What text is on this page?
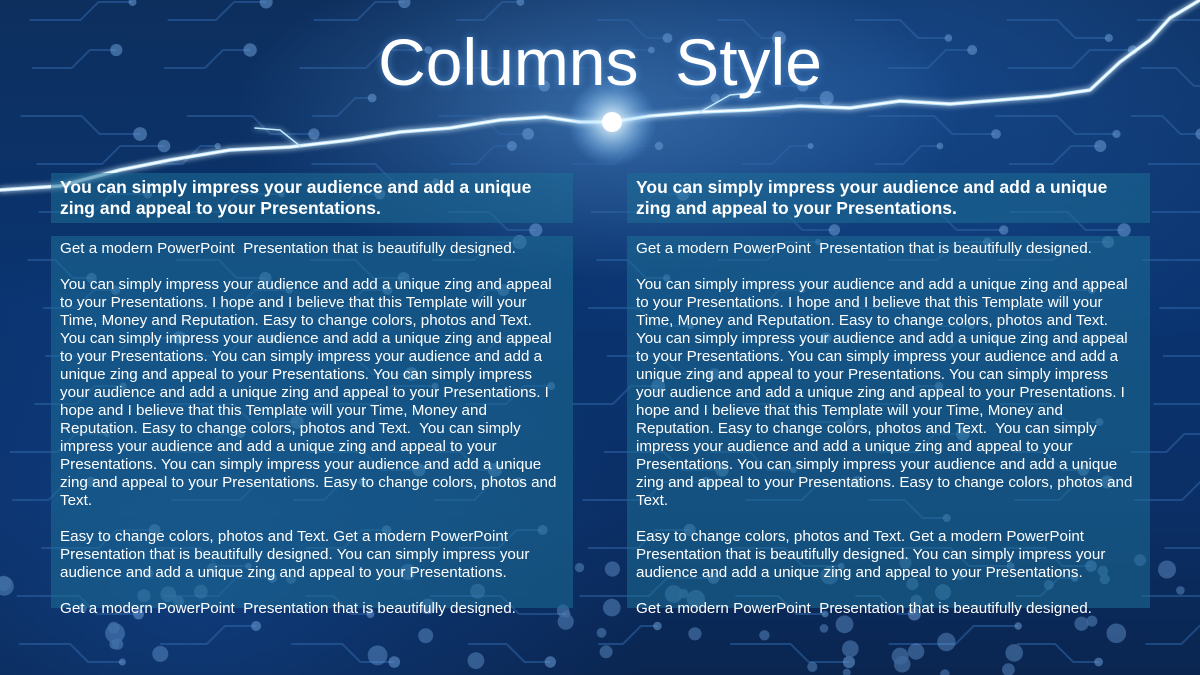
Columns  Style
You can simply impress your audience and add a unique zing and appeal to your Presentations.

Get a modern PowerPoint  Presentation that is beautifully designed.

You can simply impress your audience and add a unique zing and appeal to your Presentations. I hope and I believe that this Template will your Time, Money and Reputation. Easy to change colors, photos and Text.  You can simply impress your audience and add a unique zing and appeal to your Presentations. You can simply impress your audience and add a unique zing and appeal to your Presentations. You can simply impress your audience and add a unique zing and appeal to your Presentations. I hope and I believe that this Template will your Time, Money and Reputation. Easy to change colors, photos and Text.  You can simply impress your audience and add a unique zing and appeal to your Presentations. You can simply impress your audience and add a unique zing and appeal to your Presentations. Easy to change colors, photos and Text.

Easy to change colors, photos and Text. Get a modern PowerPoint  Presentation that is beautifully designed. You can simply impress your audience and add a unique zing and appeal to your Presentations.

Get a modern PowerPoint  Presentation that is beautifully designed.

You can simply impress your audience and add a unique zing and appeal to your Presentations.

Get a modern PowerPoint  Presentation that is beautifully designed.

You can simply impress your audience and add a unique zing and appeal to your Presentations. I hope and I believe that this Template will your Time, Money and Reputation. Easy to change colors, photos and Text.  You can simply impress your audience and add a unique zing and appeal to your Presentations. You can simply impress your audience and add a unique zing and appeal to your Presentations. You can simply impress your audience and add a unique zing and appeal to your Presentations. I hope and I believe that this Template will your Time, Money and Reputation. Easy to change colors, photos and Text.  You can simply impress your audience and add a unique zing and appeal to your Presentations. You can simply impress your audience and add a unique zing and appeal to your Presentations. Easy to change colors, photos and Text.

Easy to change colors, photos and Text. Get a modern PowerPoint  Presentation that is beautifully designed. You can simply impress your audience and add a unique zing and appeal to your Presentations.

Get a modern PowerPoint  Presentation that is beautifully designed.
